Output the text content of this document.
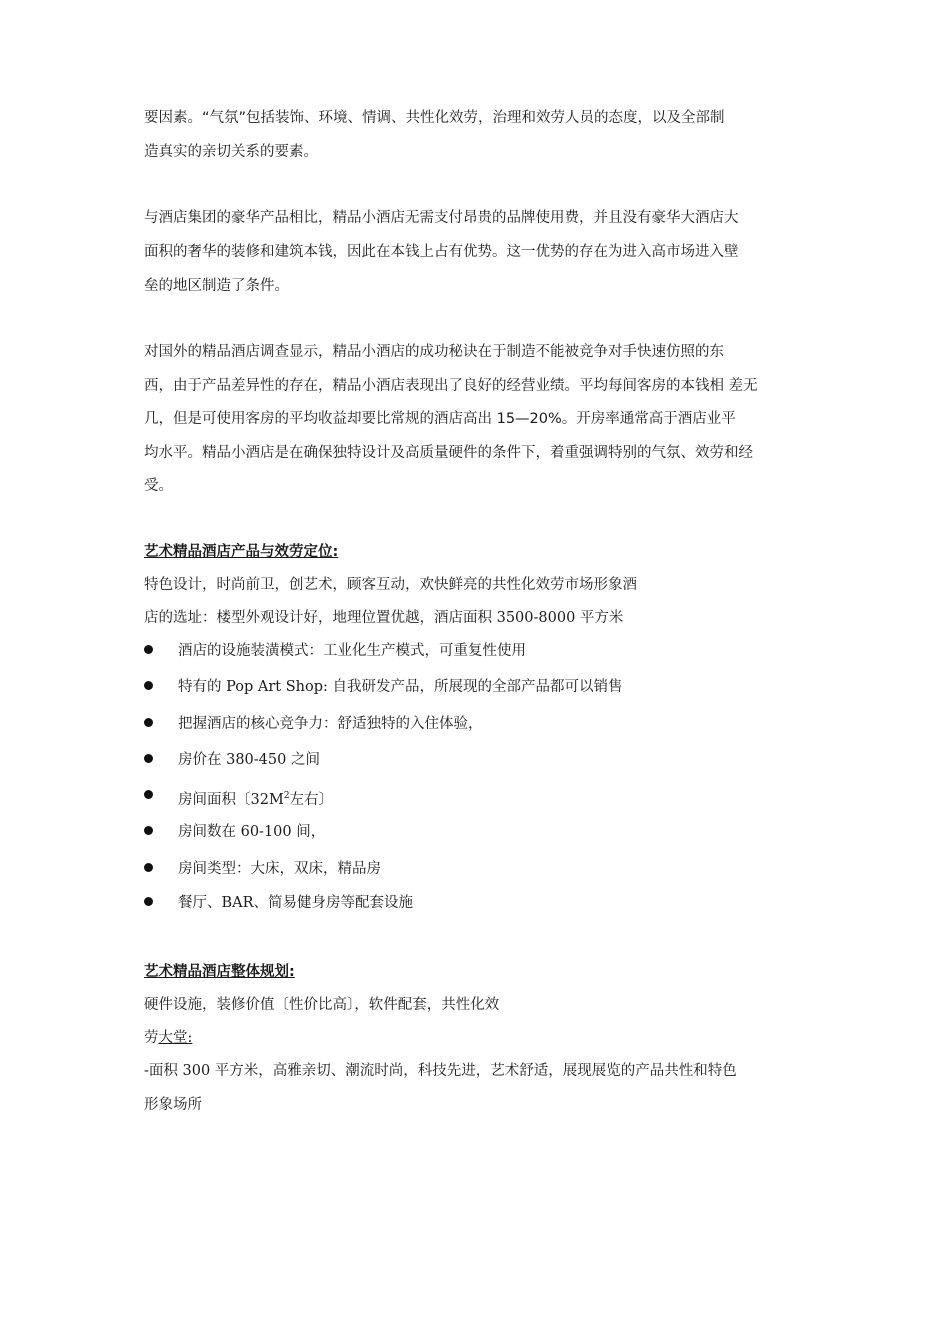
要因素。“气氛”包括装饰、环境、情调、共性化效劳，治理和效劳人员的态度，以及全部制
造真实的亲切关系的要素。
与酒店集团的豪华产品相比，精品小酒店无需支付昂贵的品牌使用费，并且没有豪华大酒店大
面积的奢华的装修和建筑本钱，因此在本钱上占有优势。这一优势的存在为进入高市场进入壁
垒的地区制造了条件。
对国外的精品酒店调查显示，精品小酒店的成功秘诀在于制造不能被竞争对手快速仿照的东
西，由于产品差异性的存在，精品小酒店表现出了良好的经营业绩。平均每间客房的本钱相 差无
几，但是可使用客房的平均收益却要比常规的酒店高出 15—20%。开房率通常高于酒店业平
均水平。精品小酒店是在确保独特设计及高质量硬件的条件下，着重强调特别的气氛、效劳和经
受。
艺术精品酒店产品与效劳定位:
特色设计，时尚前卫，创艺术，顾客互动，欢快鲜亮的共性化效劳市场形象酒
店的选址：楼型外观设计好，地理位置优越，酒店面积 3500-8000 平方米
酒店的设施装潢模式：工业化生产模式，可重复性使用
特有的 Pop Art Shop: 自我研发产品，所展现的全部产品都可以销售
把握酒店的核心竞争力：舒适独特的入住体验，
房价在 380-450 之间
房间面积〔$32M^2$左右〕
房间数在 60-100 间，
房间类型：大床，双床，精品房
餐厅、BAR、简易健身房等配套设施
艺术精品酒店整体规划:
硬件设施，装修价值〔性价比高〕，软件配套，共性化效
劳大堂:
-面积 300 平方米，高雅亲切、潮流时尚，科技先进，艺术舒适，展现展览的产品共性和特色
形象场所
